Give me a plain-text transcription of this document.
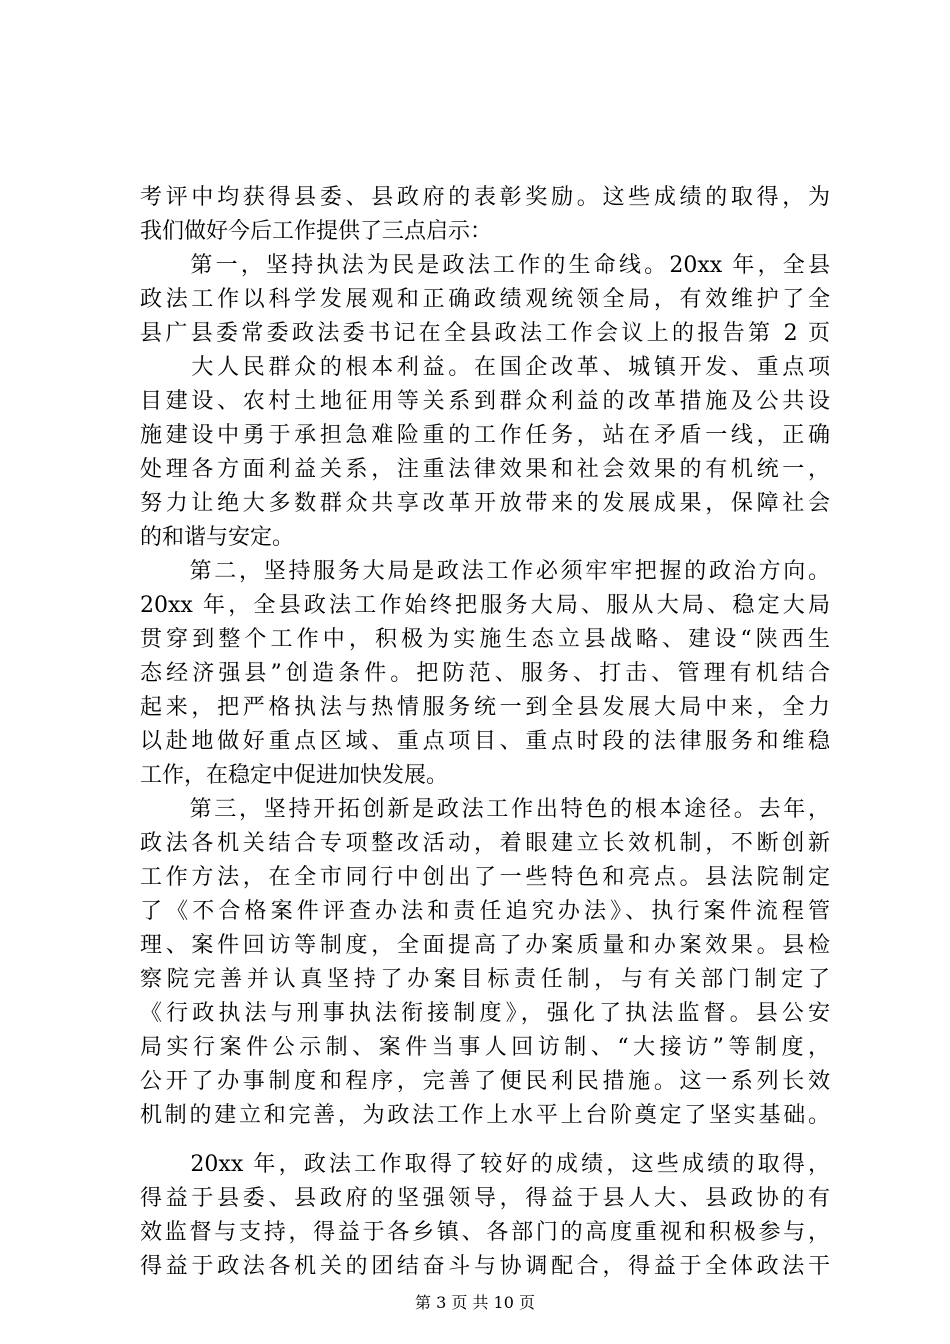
考评中均获得县委、县政府的表彰奖励。这些成绩的取得，为
我们做好今后工作提供了三点启示：
　　第一，坚持执法为民是政法工作的生命线。20xx 年，全县
政法工作以科学发展观和正确政绩观统领全局，有效维护了全
县广县委常委政法委书记在全县政法工作会议上的报告第 2 页
　　大人民群众的根本利益。在国企改革、城镇开发、重点项
目建设、农村土地征用等关系到群众利益的改革措施及公共设
施建设中勇于承担急难险重的工作任务，站在矛盾一线，正确
处理各方面利益关系，注重法律效果和社会效果的有机统一，
努力让绝大多数群众共享改革开放带来的发展成果，保障社会
的和谐与安定。
　　第二，坚持服务大局是政法工作必须牢牢把握的政治方向。
20xx 年，全县政法工作始终把服务大局、服从大局、稳定大局
贯穿到整个工作中，积极为实施生态立县战略、建设“陕西生
态经济强县”创造条件。把防范、服务、打击、管理有机结合
起来，把严格执法与热情服务统一到全县发展大局中来，全力
以赴地做好重点区域、重点项目、重点时段的法律服务和维稳
工作，在稳定中促进加快发展。
　　第三，坚持开拓创新是政法工作出特色的根本途径。去年，
政法各机关结合专项整改活动，着眼建立长效机制，不断创新
工作方法，在全市同行中创出了一些特色和亮点。县法院制定
了《不合格案件评查办法和责任追究办法》、执行案件流程管
理、案件回访等制度，全面提高了办案质量和办案效果。县检
察院完善并认真坚持了办案目标责任制，与有关部门制定了
《行政执法与刑事执法衔接制度》，强化了执法监督。县公安
局实行案件公示制、案件当事人回访制、“大接访”等制度，
公开了办事制度和程序，完善了便民利民措施。这一系列长效
机制的建立和完善，为政法工作上水平上台阶奠定了坚实基础。
　　20xx 年，政法工作取得了较好的成绩，这些成绩的取得，
得益于县委、县政府的坚强领导，得益于县人大、县政协的有
效监督与支持，得益于各乡镇、各部门的高度重视和积极参与，
得益于政法各机关的团结奋斗与协调配合，得益于全体政法干
第 3 页 共 10 页
